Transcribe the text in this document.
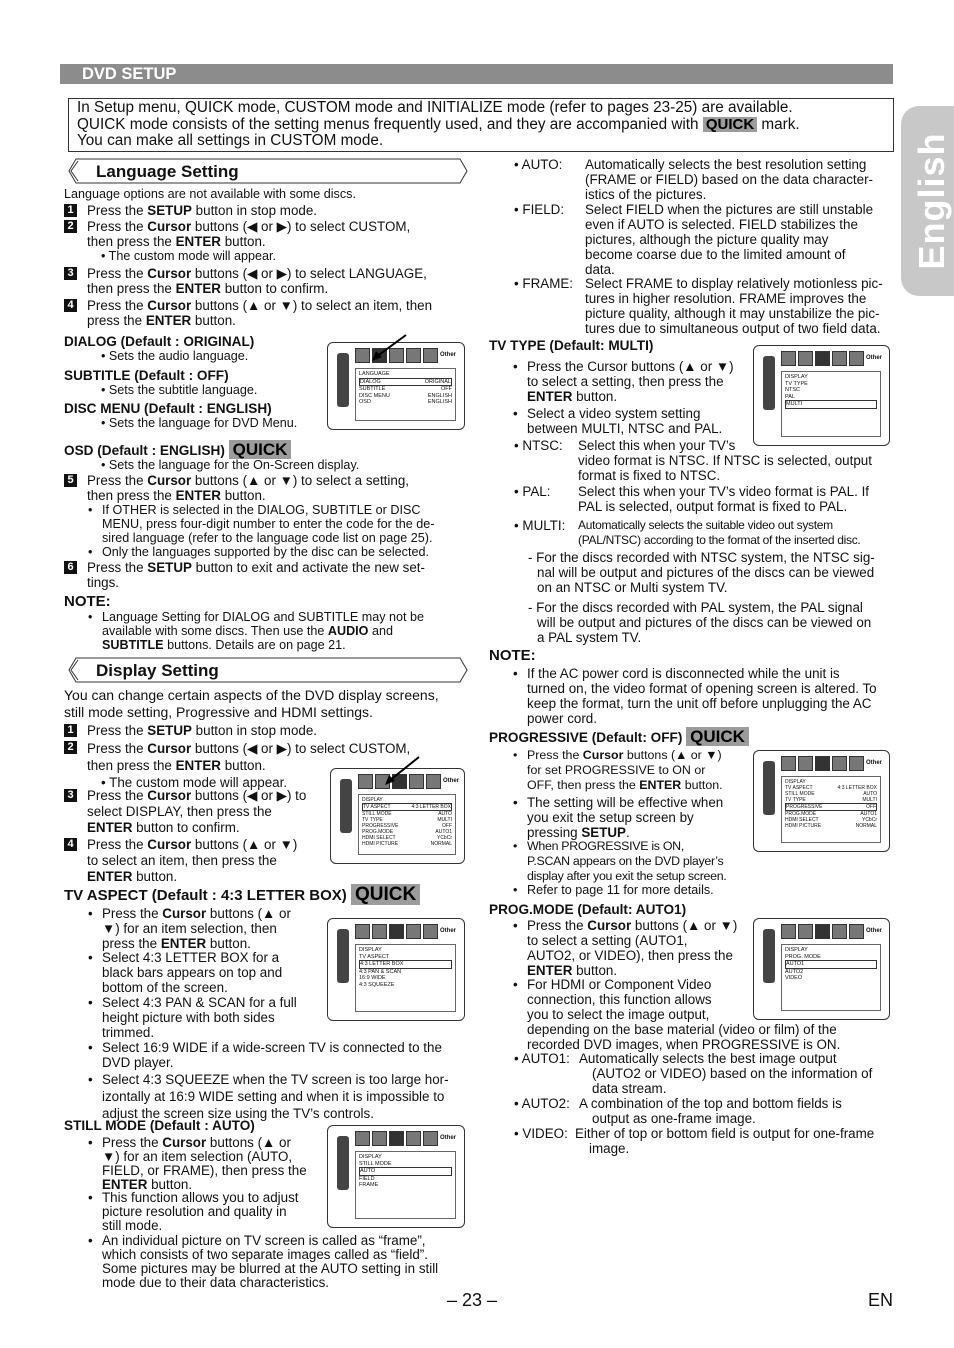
DVD SETUP
English
In Setup menu, QUICK mode, CUSTOM mode and INITIALIZE mode (refer to pages 23-25) are available.
QUICK mode consists of the setting menus frequently used, and they are accompanied with QUICK mark.
You can make all settings in CUSTOM mode.
Language Setting
Language options are not available with some discs.
1 Press the SETUP button in stop mode.
2 Press the Cursor buttons (◀ or ▶) to select CUSTOM,
then press the ENTER button.
• The custom mode will appear.
3 Press the Cursor buttons (◀ or ▶) to select LANGUAGE,
then press the ENTER button to confirm.
4 Press the Cursor buttons (▲ or ▼) to select an item, then
press the ENTER button.
DIALOG (Default : ORIGINAL)
• Sets the audio language.
SUBTITLE (Default : OFF)
• Sets the subtitle language.
DISC MENU (Default : ENGLISH)
• Sets the language for DVD Menu.
OSD (Default : ENGLISH) QUICK
• Sets the language for the On-Screen display.
5 Press the Cursor buttons (▲ or ▼) to select a setting,
then press the ENTER button.
• If OTHER is selected in the DIALOG, SUBTITLE or DISC
MENU, press four-digit number to enter the code for the de-
sired language (refer to the language code list on page 25).
• Only the languages supported by the disc can be selected.
6 Press the SETUP button to exit and activate the new set-
tings.
NOTE:
• Language Setting for DIALOG and SUBTITLE may not be
available with some discs. Then use the AUDIO and
SUBTITLE buttons. Details are on page 21.
Display Setting
You can change certain aspects of the DVD display screens,
still mode setting, Progressive and HDMI settings.
1 Press the SETUP button in stop mode.
2 Press the Cursor buttons (◀ or ▶) to select CUSTOM,
then press the ENTER button.
• The custom mode will appear.
3 Press the Cursor buttons (◀ or ▶) to
select DISPLAY, then press the
ENTER button to confirm.
4 Press the Cursor buttons (▲ or ▼)
to select an item, then press the
ENTER button.
TV ASPECT (Default : 4:3 LETTER BOX) QUICK
• Press the Cursor buttons (▲ or
▼) for an item selection, then
press the ENTER button.
• Select 4:3 LETTER BOX for a
black bars appears on top and
bottom of the screen.
• Select 4:3 PAN & SCAN for a full
height picture with both sides
trimmed.
• Select 16:9 WIDE if a wide-screen TV is connected to the
DVD player.
• Select 4:3 SQUEEZE when the TV screen is too large hor-
izontally at 16:9 WIDE setting and when it is impossible to
adjust the screen size using the TV’s controls.
STILL MODE (Default : AUTO)
• Press the Cursor buttons (▲ or
▼) for an item selection (AUTO,
FIELD, or FRAME), then press the
ENTER button.
• This function allows you to adjust
picture resolution and quality in
still mode.
• An individual picture on TV screen is called as “frame”,
which consists of two separate images called as “field”.
Some pictures may be blurred at the AUTO setting in still
mode due to their data characteristics.
• AUTO: Automatically selects the best resolution setting
(FRAME or FIELD) based on the data character-
istics of the pictures.
• FIELD: Select FIELD when the pictures are still unstable
even if AUTO is selected. FIELD stabilizes the
pictures, although the picture quality may
become coarse due to the limited amount of
data.
• FRAME: Select FRAME to display relatively motionless pic-
tures in higher resolution. FRAME improves the
picture quality, although it may unstabilize the pic-
tures due to simultaneous output of two field data.
TV TYPE (Default: MULTI)
• Press the Cursor buttons (▲ or ▼)
to select a setting, then press the
ENTER button.
• Select a video system setting
between MULTI, NTSC and PAL.
• NTSC: Select this when your TV’s
video format is NTSC. If NTSC is selected, output
format is fixed to NTSC.
• PAL: Select this when your TV’s video format is PAL. If
PAL is selected, output format is fixed to PAL.
• MULTI: Automatically selects the suitable video out system
(PAL/NTSC) according to the format of the inserted disc.
- For the discs recorded with NTSC system, the NTSC sig-
nal will be output and pictures of the discs can be viewed
on an NTSC or Multi system TV.
- For the discs recorded with PAL system, the PAL signal
will be output and pictures of the discs can be viewed on
a PAL system TV.
NOTE:
• If the AC power cord is disconnected while the unit is
turned on, the video format of opening screen is altered. To
keep the format, turn the unit off before unplugging the AC
power cord.
PROGRESSIVE (Default: OFF) QUICK
• Press the Cursor buttons (▲ or ▼)
for set PROGRESSIVE to ON or
OFF, then press the ENTER button.
• The setting will be effective when
you exit the setup screen by
pressing SETUP.
• When PROGRESSIVE is ON,
P.SCAN appears on the DVD player’s
display after you exit the setup screen.
• Refer to page 11 for more details.
PROG.MODE (Default: AUTO1)
• Press the Cursor buttons (▲ or ▼)
to select a setting (AUTO1,
AUTO2, or VIDEO), then press the
ENTER button.
• For HDMI or Component Video
connection, this function allows
you to select the image output,
depending on the base material (video or film) of the
recorded DVD images, when PROGRESSIVE is ON.
• AUTO1: Automatically selects the best image output
(AUTO2 or VIDEO) based on the information of
data stream.
• AUTO2: A combination of the top and bottom fields is
output as one-frame image.
• VIDEO: Either of top or bottom field is output for one-frame
image.
Other
LANGUAGE
DIALOG	ORIGINAL
SUBTITLE	OFF
DISC MENU	ENGLISH
OSD	ENGLISH
Other
DISPLAY
TV ASPECT	4:3 LETTER BOX
STILL MODE	AUTO
TV TYPE	MULTI
PROGRESSIVE	OFF
PROG.MODE	AUTO1
HDMI SELECT	YCbCr
HDMI PICTURE	NORMAL
Other
DISPLAY
TV ASPECT
4:3 LETTER BOX
4:3 PAN & SCAN
16:9 WIDE
4:3 SQUEEZE
Other
DISPLAY
STILL MODE
AUTO
FIELD
FRAME
Other
DISPLAY
TV TYPE
NTSC
PAL
MULTI
Other
DISPLAY
TV ASPECT	4:3 LETTER BOX
STILL MODE	AUTO
TV TYPE	MULTI
PROGRESSIVE	OFF
PROG.MODE	AUTO1
HDMI SELECT	YCbCr
HDMI PICTURE	NORMAL
Other
DISPLAY
PROG. MODE
AUTO1
AUTO2
VIDEO
– 23 –	EN
